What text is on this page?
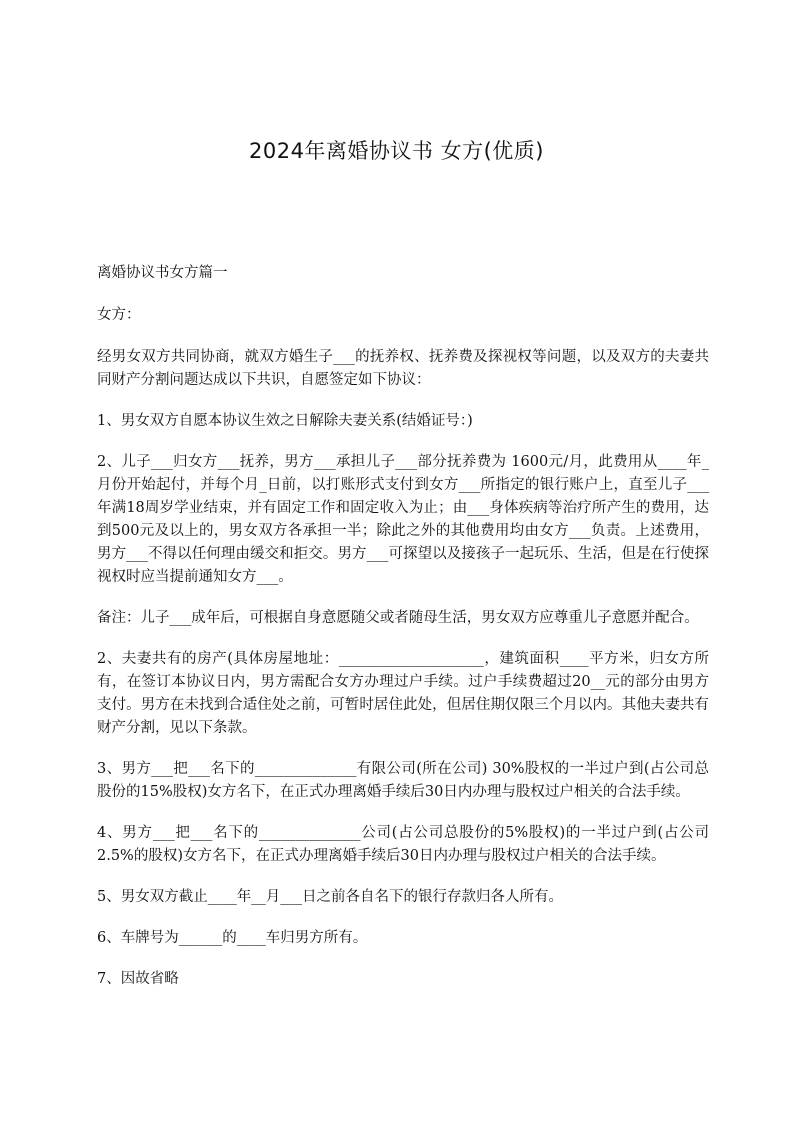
2024年离婚协议书 女方(优质)

离婚协议书女方篇一

女方：

经男女双方共同协商，就双方婚生子___的抚养权、抚养费及探视权等问题，以及双方的夫妻共同财产分割问题达成以下共识，自愿签定如下协议：

1、男女双方自愿本协议生效之日解除夫妻关系(结婚证号：)

2、儿子___归女方___抚养，男方___承担儿子___部分抚养费为 1600元/月，此费用从____年_月份开始起付，并每个月_日前，以打账形式支付到女方___所指定的银行账户上，直至儿子___年满18周岁学业结束，并有固定工作和固定收入为止；由___身体疾病等治疗所产生的费用，达到500元及以上的，男女双方各承担一半；除此之外的其他费用均由女方___负责。上述费用，男方___不得以任何理由缓交和拒交。男方___可探望以及接孩子一起玩乐、生活，但是在行使探视权时应当提前通知女方___。

备注：儿子___成年后，可根据自身意愿随父或者随母生活，男女双方应尊重儿子意愿并配合。

2、夫妻共有的房产(具体房屋地址：____________________，建筑面积____平方米，归女方所有，在签订本协议日内，男方需配合女方办理过户手续。过户手续费超过20__元的部分由男方支付。男方在未找到合适住处之前，可暂时居住此处，但居住期仅限三个月以内。其他夫妻共有财产分割，见以下条款。

3、男方___把___名下的______________有限公司(所在公司) 30%股权的一半过户到(占公司总股份的15%股权)女方名下，在正式办理离婚手续后30日内办理与股权过户相关的合法手续。

4、男方___把___名下的______________公司(占公司总股份的5%股权)的一半过户到(占公司2.5%的股权)女方名下，在正式办理离婚手续后30日内办理与股权过户相关的合法手续。

5、男女双方截止____年__月___日之前各自名下的银行存款归各人所有。

6、车牌号为______的____车归男方所有。

7、因故省略
